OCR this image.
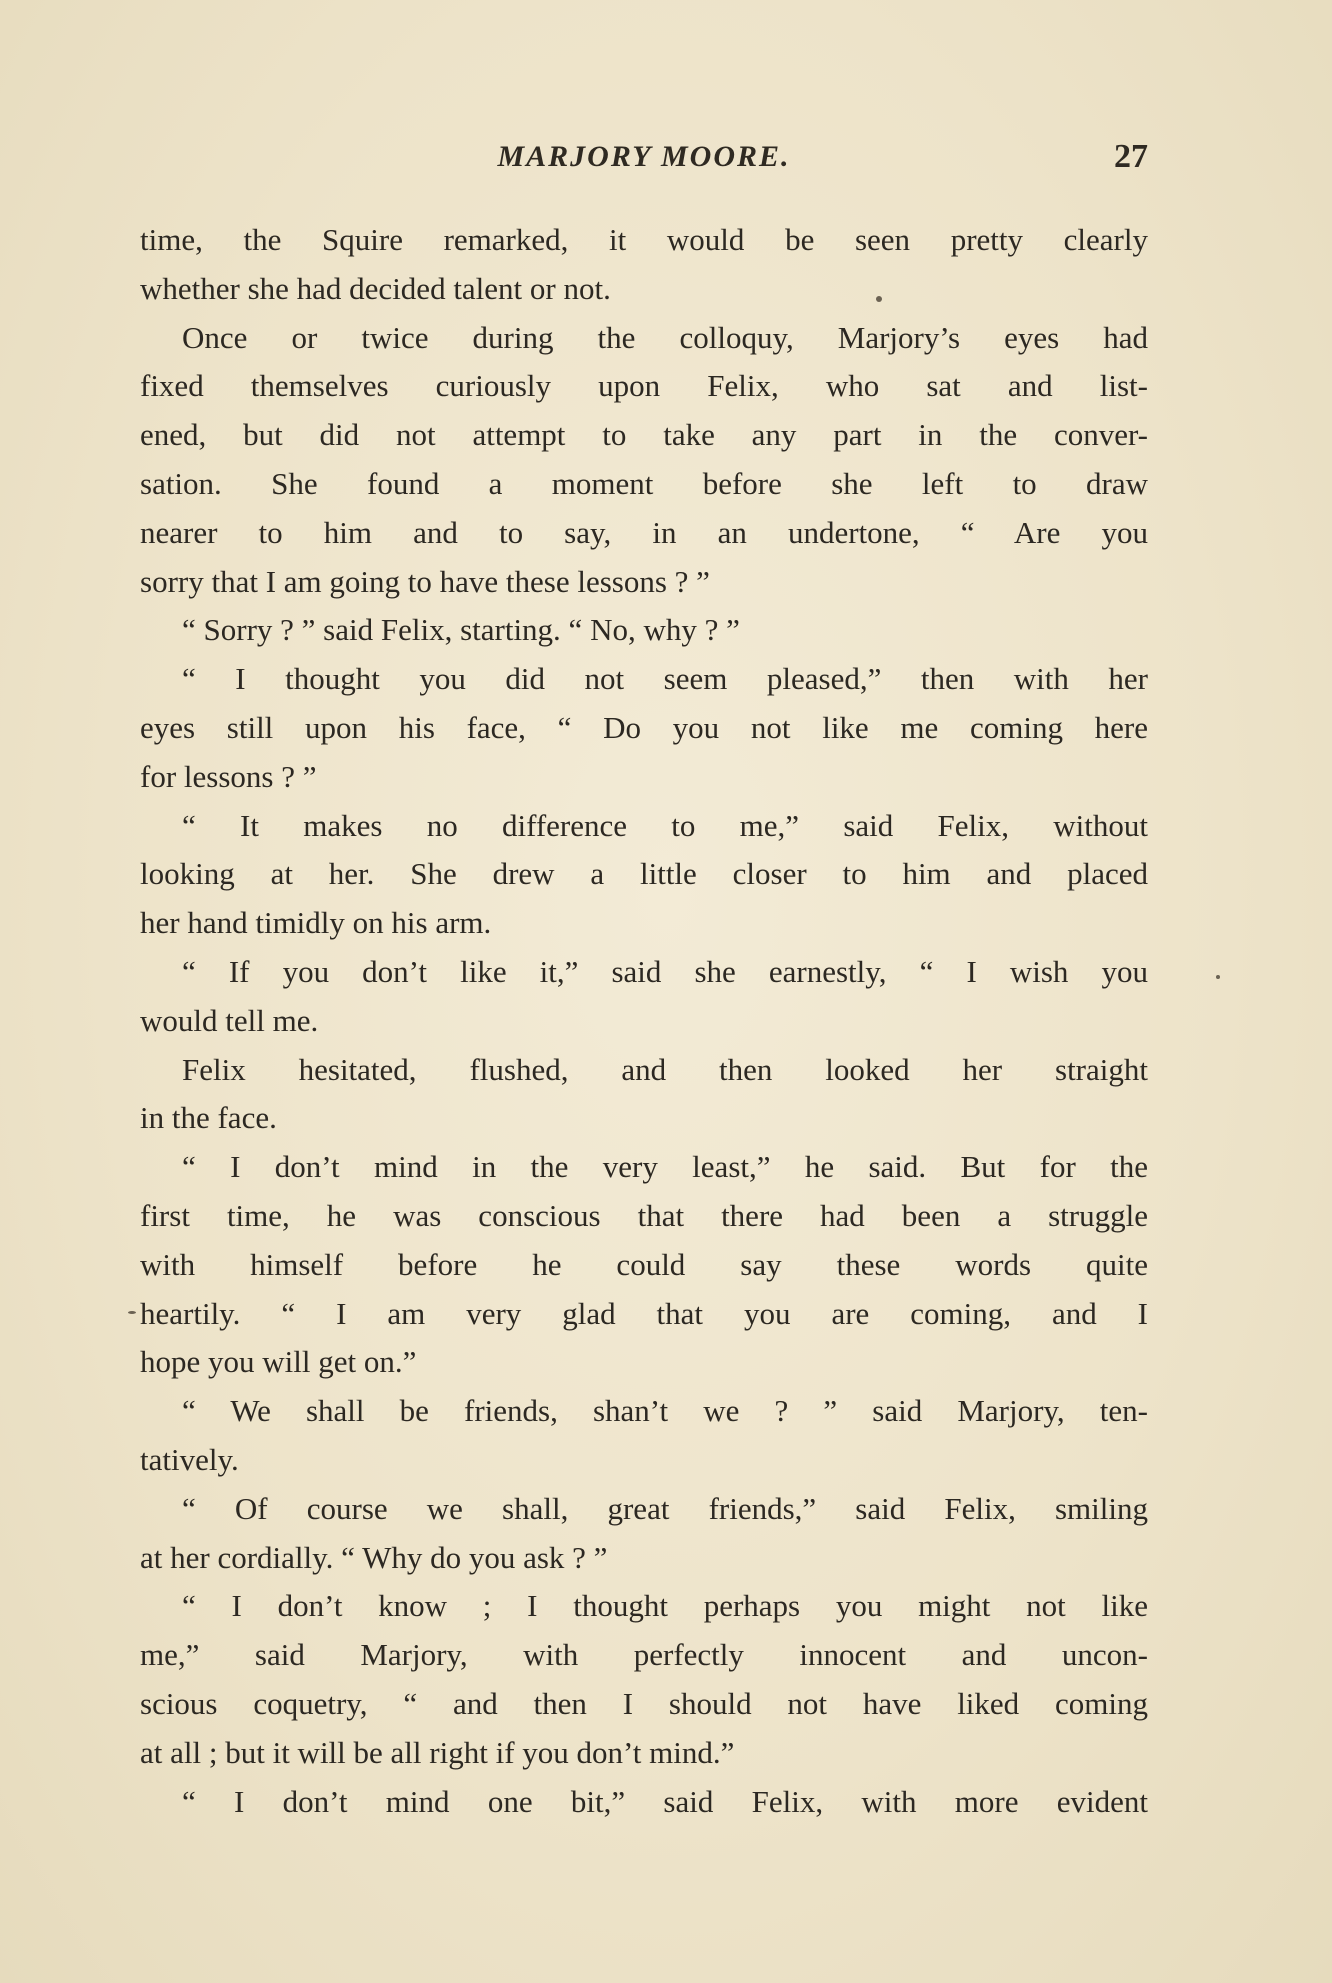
MARJORY MOORE.	27
time, the Squire remarked, it would be seen pretty clearly
whether she had decided talent or not.
Once or twice during the colloquy, Marjory’s eyes had
fixed themselves curiously upon Felix, who sat and list-
ened, but did not attempt to take any part in the conver-
sation. She found a moment before she left to draw
nearer to him and to say, in an undertone, “ Are you
sorry that I am going to have these lessons ? ”
“ Sorry ? ” said Felix, starting. “ No, why ? ”
“ I thought you did not seem pleased,” then with her
eyes still upon his face, “ Do you not like me coming here
for lessons ? ”
“ It makes no difference to me,” said Felix, without
looking at her. She drew a little closer to him and placed
her hand timidly on his arm.
“ If you don’t like it,” said she earnestly, “ I wish you
would tell me.
Felix hesitated, flushed, and then looked her straight
in the face.
“ I don’t mind in the very least,” he said. But for the
first time, he was conscious that there had been a struggle
with himself before he could say these words quite
heartily. “ I am very glad that you are coming, and I
hope you will get on.”
“ We shall be friends, shan’t we ? ” said Marjory, ten-
tatively.
“ Of course we shall, great friends,” said Felix, smiling
at her cordially. “ Why do you ask ? ”
“ I don’t know ; I thought perhaps you might not like
me,” said Marjory, with perfectly innocent and uncon-
scious coquetry, “ and then I should not have liked coming
at all ; but it will be all right if you don’t mind.”
“ I don’t mind one bit,” said Felix, with more evident
